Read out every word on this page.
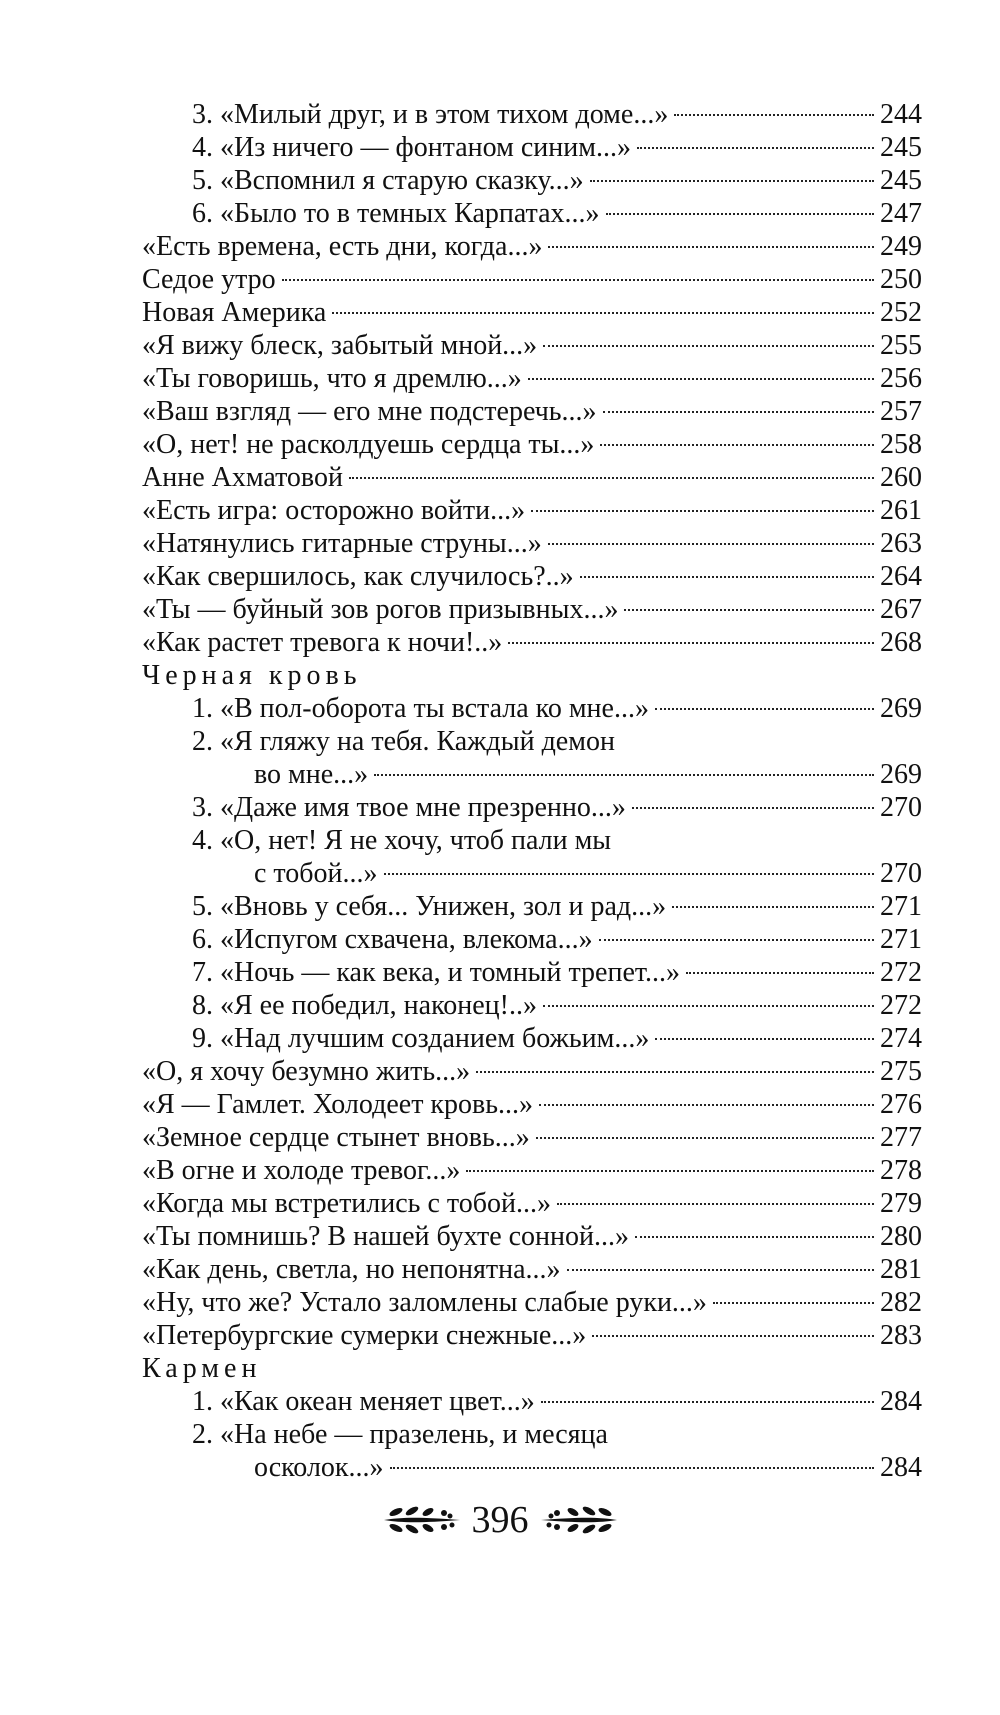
3. «Милый друг, и в этом тихом доме...»	244
4. «Из ничего — фонтаном синим...»	245
5. «Вспомнил я старую сказку...»	245
6. «Было то в темных Карпатах...»	247
«Есть времена, есть дни, когда...»	249
Седое утро	250
Новая Америка	252
«Я вижу блеск, забытый мной...»	255
«Ты говоришь, что я дремлю...»	256
«Ваш взгляд — его мне подстеречь...»	257
«О, нет! не расколдуешь сердца ты...»	258
Анне Ахматовой	260
«Есть игра: осторожно войти...»	261
«Натянулись гитарные струны...»	263
«Как свершилось, как случилось?..»	264
«Ты — буйный зов рогов призывных...»	267
«Как растет тревога к ночи!..»	268
Черная кровь
1. «В пол-оборота ты встала ко мне...»	269
2. «Я гляжу на тебя. Каждый демон
во мне...»	269
3. «Даже имя твое мне презренно...»	270
4. «О, нет! Я не хочу, чтоб пали мы
с тобой...»	270
5. «Вновь у себя... Унижен, зол и рад...»	271
6. «Испугом схвачена, влекома...»	271
7. «Ночь — как века, и томный трепет...»	272
8. «Я ее победил, наконец!..»	272
9. «Над лучшим созданием божьим...»	274
«О, я хочу безумно жить...»	275
«Я — Гамлет. Холодеет кровь...»	276
«Земное сердце стынет вновь...»	277
«В огне и холоде тревог...»	278
«Когда мы встретились с тобой...»	279
«Ты помнишь? В нашей бухте сонной...»	280
«Как день, светла, но непонятна...»	281
«Ну, что же? Устало заломлены слабые руки...»	282
«Петербургские сумерки снежные...»	283
Кармен
1. «Как океан меняет цвет...»	284
2. «На небе — празелень, и месяца
осколок...»	284
396
